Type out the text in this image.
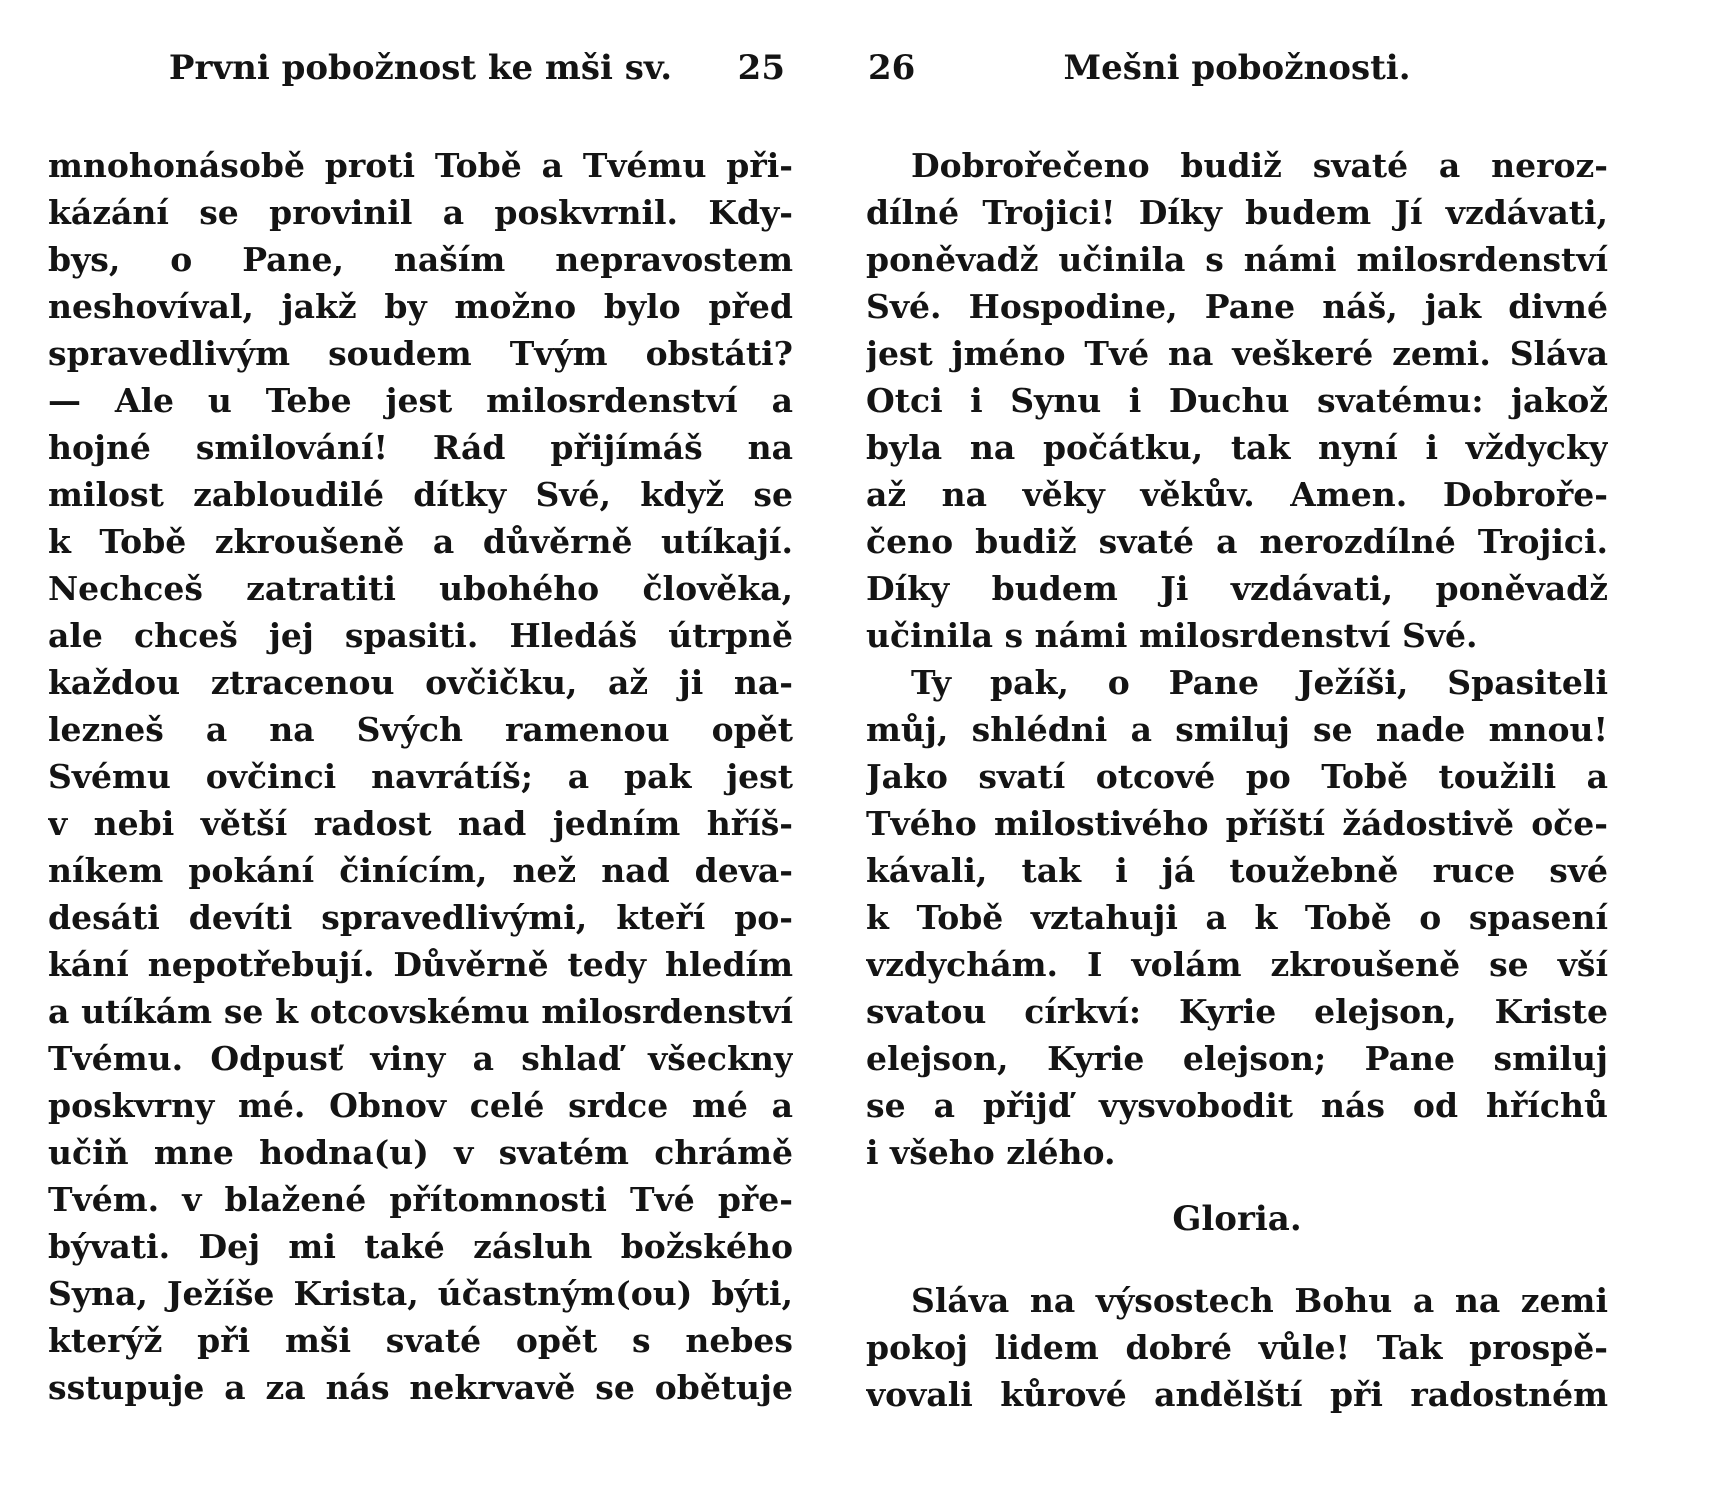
Prvni pobožnost ke mši sv. 25
mnohonásobě proti Tobě a Tvému při-
kázání se provinil a poskvrnil. Kdy-
bys, o Pane, naším nepravostem
neshovíval, jakž by možno bylo před
spravedlivým soudem Tvým obstáti?
— Ale u Tebe jest milosrdenství a
hojné smilování! Rád přijímáš na
milost zabloudilé dítky Své, když se
k Tobě zkroušeně a důvěrně utíkají.
Nechceš zatratiti ubohého člověka,
ale chceš jej spasiti. Hledáš útrpně
každou ztracenou ovčičku, až ji na-
lezneš a na Svých ramenou opět
Svému ovčinci navrátíš; a pak jest
v nebi větší radost nad jedním hříš-
níkem pokání činícím, než nad deva-
desáti devíti spravedlivými, kteří po-
kání nepotřebují. Důvěrně tedy hledím
a utíkám se k otcovskému milosrdenství
Tvému. Odpusť viny a shlaď všeckny
poskvrny mé. Obnov celé srdce mé a
učiň mne hodna(u) v svatém chrámě
Tvém. v blažené přítomnosti Tvé pře-
bývati. Dej mi také zásluh božského
Syna, Ježíše Krista, účastným(ou) býti,
kterýž při mši svaté opět s nebes
sstupuje a za nás nekrvavě se obětuje
26	Mešni pobožnosti.
Dobrořečeno budiž svaté a neroz-
dílné Trojici! Díky budem Jí vzdávati,
poněvadž učinila s námi milosrdenství
Své. Hospodine, Pane náš, jak divné
jest jméno Tvé na veškeré zemi. Sláva
Otci i Synu i Duchu svatému: jakož
byla na počátku, tak nyní i vždycky
až na věky věkův. Amen. Dobroře-
čeno budiž svaté a nerozdílné Trojici.
Díky budem Ji vzdávati, poněvadž
učinila s námi milosrdenství Své.
Ty pak, o Pane Ježíši, Spasiteli
můj, shlédni a smiluj se nade mnou!
Jako svatí otcové po Tobě toužili a
Tvého milostivého příští žádostivě oče-
kávali, tak i já toužebně ruce své
k Tobě vztahuji a k Tobě o spasení
vzdychám. I volám zkroušeně se vší
svatou církví: Kyrie elejson, Kriste
elejson, Kyrie elejson; Pane smiluj
se a přijď vysvobodit nás od hříchů
i všeho zlého.
Gloria.
Sláva na výsostech Bohu a na zemi
pokoj lidem dobré vůle! Tak prospě-
vovali kůrové andělští při radostném
